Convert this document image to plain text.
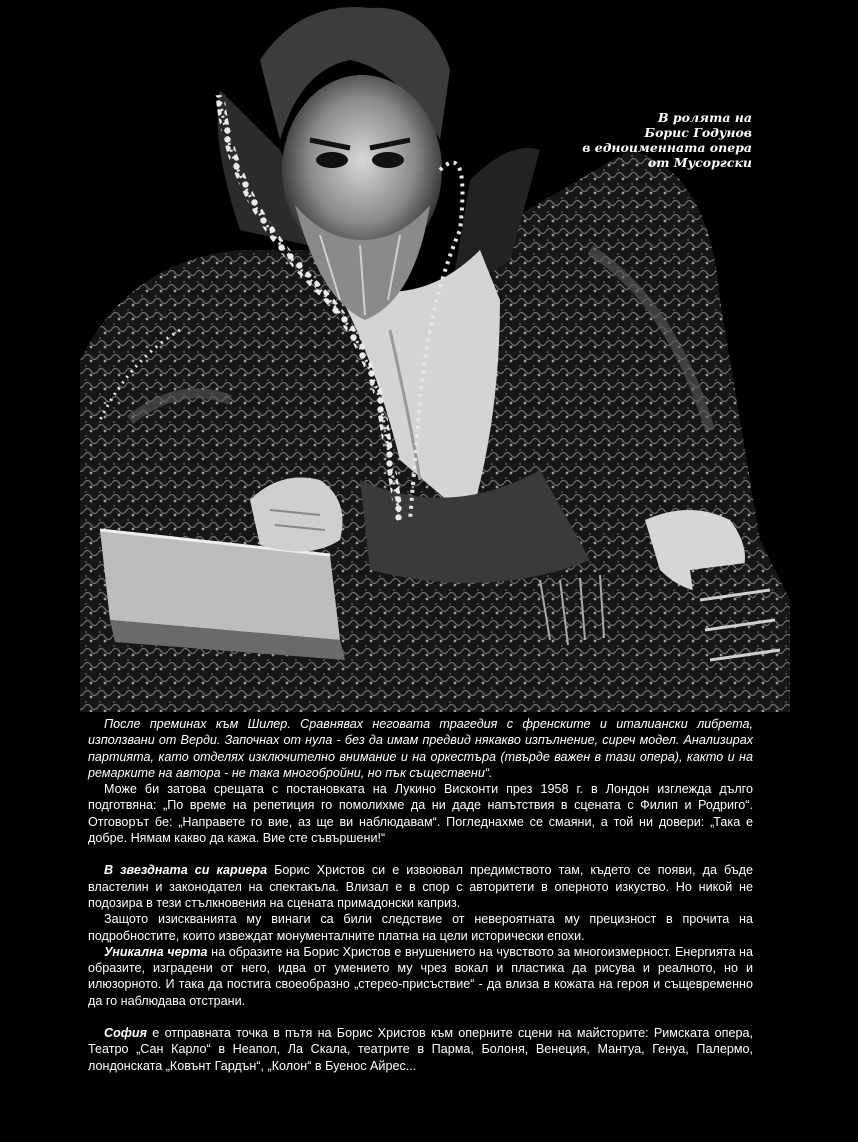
В ролята на
Борис Годунов
в едноименната опера
от Мусоргски

После преминах към Шилер. Сравнявах неговата трагедия с френските и италиански либрета, използвани от Верди. Започнах от нула - без да имам предвид някакво изпълнение, сиреч модел. Анализирах партията, като отделях изключително внимание и на оркестъра (твърде важен в тази опера), както и на ремарките на автора - не така многобройни, но пък съществени“.

Може би затова срещата с постановката на Лукино Висконти през 1958 г. в Лондон изглежда дълго подготвяна: „По време на репетиция го помолихме да ни даде напътствия в сцената с Филип и Родриго“. Отговорът бе: „Направете го вие, аз ще ви наблюдавам“. Погледнахме се смаяни, а той ни довери: „Така е добре. Нямам какво да кажа. Вие сте съвършени!“

В звездната си кариера Борис Христов си е извоювал предимството там, където се появи, да бъде властелин и законодател на спектакъла. Влизал е в спор с авторитети в оперното изкуство. Но никой не подозира в тези стълкновения на сцената примадонски каприз.

Защото изискванията му винаги са били следствие от невероятната му прецизност в прочита на подробностите, които извеждат монументалните платна на цели исторически епохи.

Уникална черта на образите на Борис Христов е внушението на чувството за многоизмерност. Енергията на образите, изградени от него, идва от умението му чрез вокал и пластика да рисува и реалното, но и илюзорното. И така да постига своеобразно „стерео-присъствие“ - да влиза в кожата на героя и същевременно да го наблюдава отстрани.

София е отправната точка в пътя на Борис Христов към оперните сцени на майсторите: Римската опера, Театро „Сан Карло“ в Неапол, Ла Скала, театрите в Парма, Болоня, Венеция, Мантуа, Генуа, Палермо, лондонската „Ковънт Гардън“, „Колон“ в Буенос Айрес...
